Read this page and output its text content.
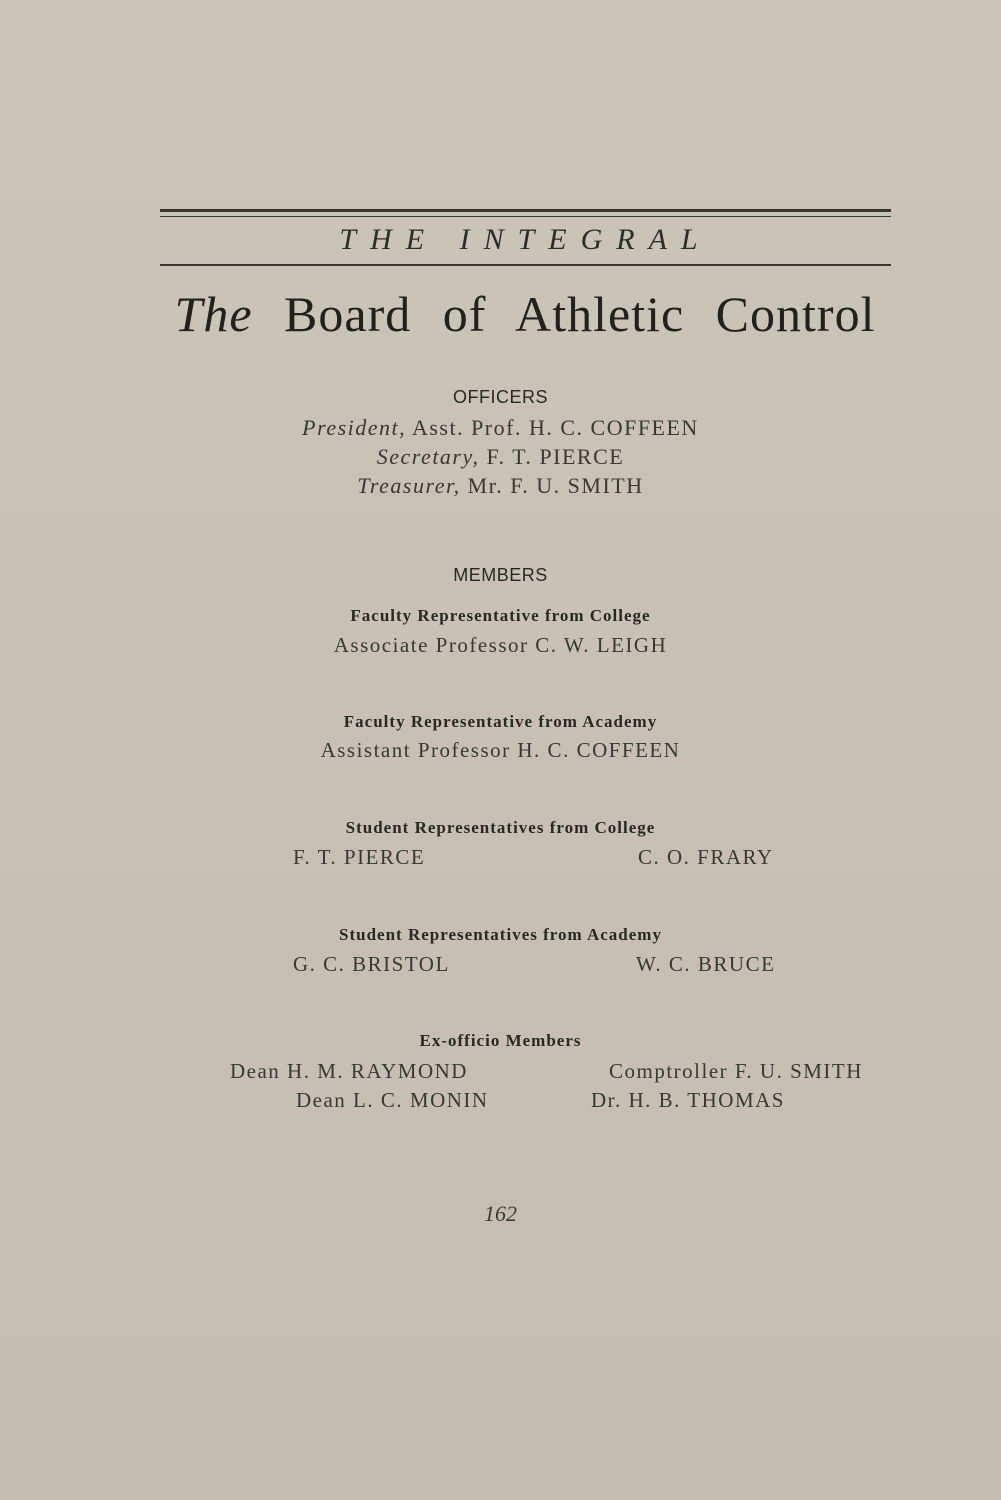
THE INTEGRAL
The Board of Athletic Control
OFFICERS
President, Asst. Prof. H. C. COFFEEN
Secretary, F. T. PIERCE
Treasurer, Mr. F. U. SMITH
MEMBERS
Faculty Representative from College
Associate Professor C. W. LEIGH
Faculty Representative from Academy
Assistant Professor H. C. COFFEEN
Student Representatives from College
F. T. PIERCE	C. O. FRARY
Student Representatives from Academy
G. C. BRISTOL	W. C. BRUCE
Ex-officio Members
Dean H. M. RAYMOND
Dean L. C. MONIN
Comptroller F. U. SMITH
Dr. H. B. THOMAS
162
